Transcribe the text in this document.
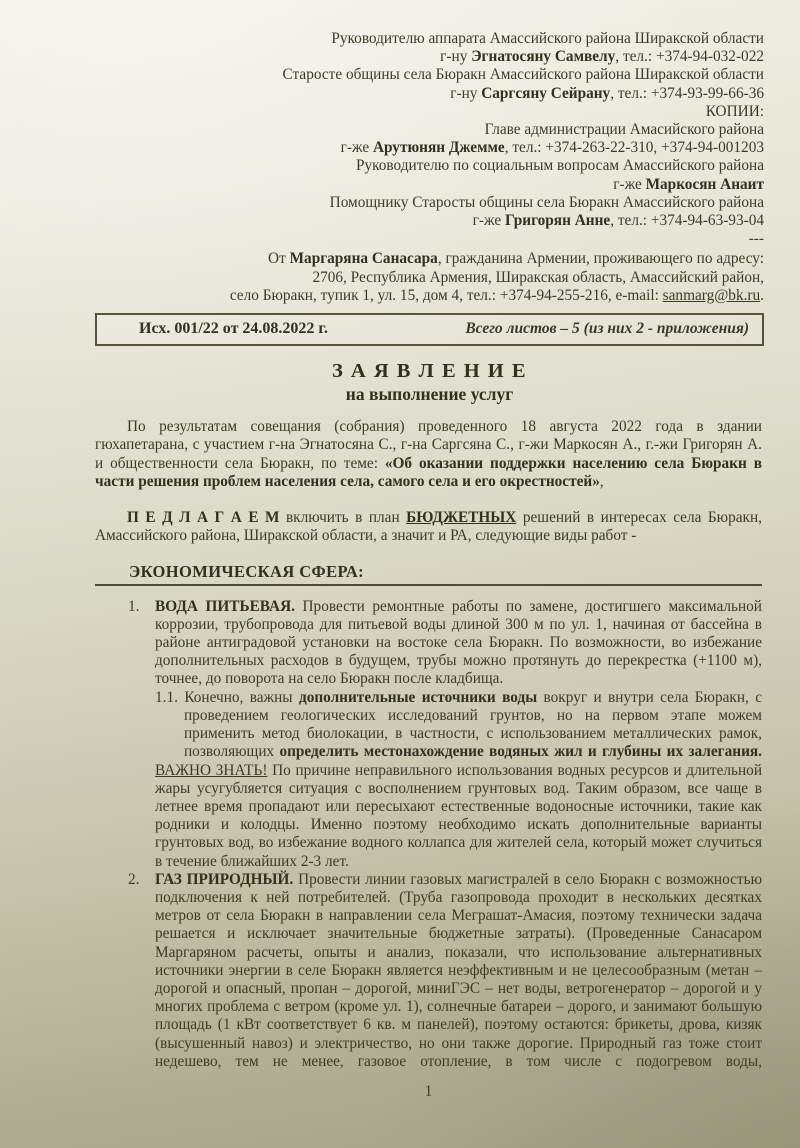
Руководителю аппарата Амассийского района Ширакской области
г-ну Эгнатосяну Самвелу, тел.: +374-94-032-022
Старосте общины села Бюракн Амассийского района Ширакской области
г-ну Саргсяну Сейрану, тел.: +374-93-99-66-36
КОПИИ:
Главе администрации Амасийского района
г-же Арутюнян Джемме, тел.: +374-263-22-310, +374-94-001203
Руководителю по социальным вопросам Амассийского района
г-же Маркосян Анаит
Помощнику Старосты общины села Бюракн Амассийского района
г-же Григорян Анне, тел.: +374-94-63-93-04
---
От Маргаряна Санасара, гражданина Армении, проживающего по адресу:
2706, Республика Армения, Ширакская область, Амассийский район,
село Бюракн, тупик 1, ул. 15, дом 4, тел.: +374-94-255-216, e-mail: sanmarg@bk.ru.
Исх. 001/22 от 24.08.2022 г.	Всего листов – 5 (из них 2 - приложения)
З А Я В Л Е Н И Е
на выполнение услуг

По результатам совещания (собрания) проведенного 18 августа 2022 года в здании гюхапетарана, с участием г-на Эгнатосяна С., г-на Саргсяна С., г-жи Маркосян А., г.-жи Григорян А. и общественности села Бюракн, по теме: «Об оказании поддержки населению села Бюракн в части решения проблем населения села, самого села и его окрестностей»,

П Е Д Л А Г А Е М включить в план БЮДЖЕТНЫХ решений в интересах села Бюракн, Амассийского района, Ширакской области, а значит и РА, следующие виды работ -

ЭКОНОМИЧЕСКАЯ СФЕРА:
1.	ВОДА ПИТЬЕВАЯ. Провести ремонтные работы по замене, достигшего максимальной коррозии, трубопровода для питьевой воды длиной 300 м по ул. 1, начиная от бассейна в районе антиградовой установки на востоке села Бюракн. По возможности, во избежание дополнительных расходов в будущем, трубы можно протянуть до перекрестка (+1100 м), точнее, до поворота на село Бюракн после кладбища.

1.1. Конечно, важны дополнительные источники воды вокруг и внутри села Бюракн, с проведением геологических исследований грунтов, но на первом этапе можем применить метод биолокации, в частности, с использованием металлических рамок, позволяющих определить местонахождение водяных жил и глубины их залегания.

ВАЖНО ЗНАТЬ! По причине неправильного использования водных ресурсов и длительной жары усугубляется ситуация с восполнением грунтовых вод. Таким образом, все чаще в летнее время пропадают или пересыхают естественные водоносные источники, такие как родники и колодцы. Именно поэтому необходимо искать дополнительные варианты грунтовых вод, во избежание водного коллапса для жителей села, который может случиться в течение ближайших 2-3 лет.

2.	ГАЗ ПРИРОДНЫЙ. Провести линии газовых магистралей в село Бюракн с возможностью подключения к ней потребителей. (Труба газопровода проходит в нескольких десятках метров от села Бюракн в направлении села Меграшат-Амасия, поэтому технически задача решается и исключает значительные бюджетные затраты). (Проведенные Санасаром Маргаряном расчеты, опыты и анализ, показали, что использование альтернативных источники энергии в селе Бюракн является неэффективным и не целесообразным (метан – дорогой и опасный, пропан – дорогой, миниГЭС – нет воды, ветрогенератор – дорогой и у многих проблема с ветром (кроме ул. 1), солнечные батареи – дорого, и занимают большую площадь (1 кВт соответствует 6 кв. м панелей), поэтому остаются: брикеты, дрова, кизяк (высушенный навоз) и электричество, но они также дорогие. Природный газ тоже стоит недешево, тем не менее, газовое отопление, в том числе с подогревом воды,

1
